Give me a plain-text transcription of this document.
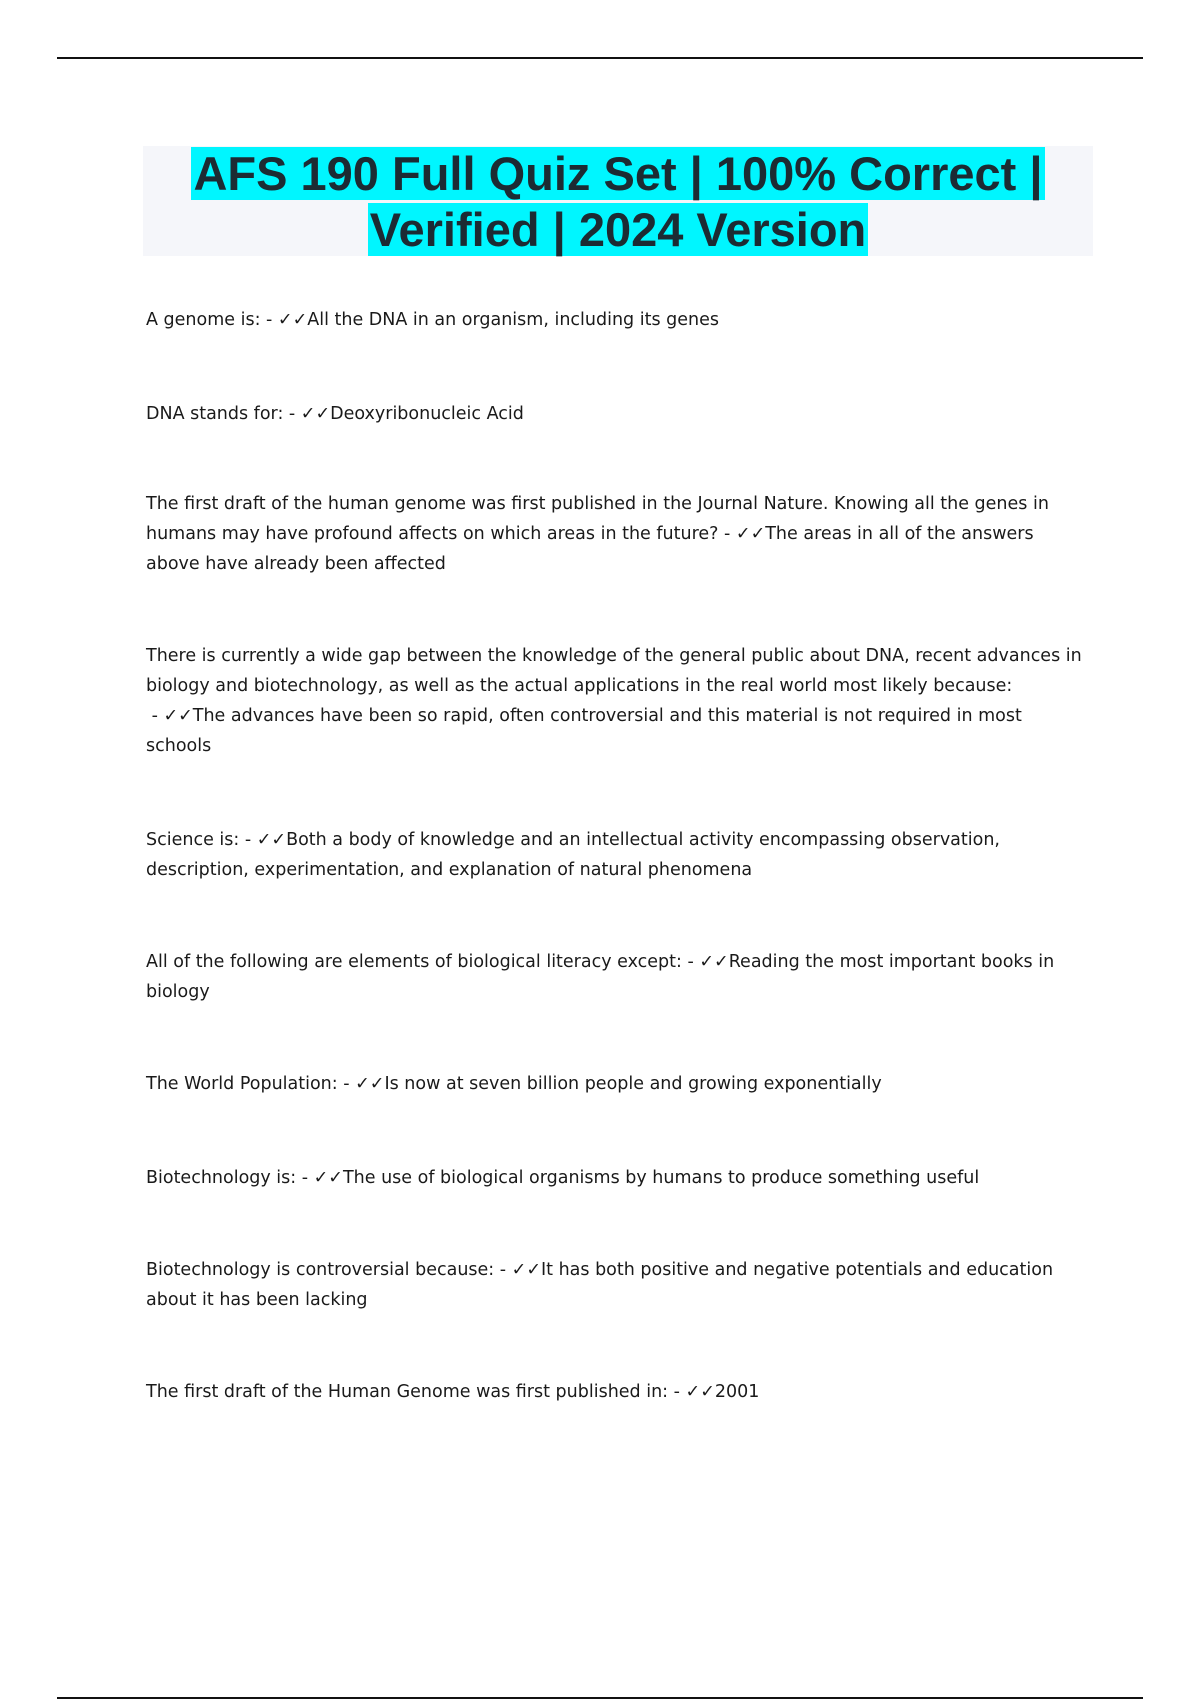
AFS 190 Full Quiz Set | 100% Correct |
Verified | 2024 Version
A genome is: - ✓✓All the DNA in an organism, including its genes
DNA stands for: - ✓✓Deoxyribonucleic Acid
The first draft of the human genome was first published in the Journal Nature. Knowing all the genes in humans may have profound affects on which areas in the future? - ✓✓The areas in all of the answers above have already been affected
There is currently a wide gap between the knowledge of the general public about DNA, recent advances in biology and biotechnology, as well as the actual applications in the real world most likely because: - ✓✓The advances have been so rapid, often controversial and this material is not required in most schools
Science is: - ✓✓Both a body of knowledge and an intellectual activity encompassing observation, description, experimentation, and explanation of natural phenomena
All of the following are elements of biological literacy except: - ✓✓Reading the most important books in biology
The World Population: - ✓✓Is now at seven billion people and growing exponentially
Biotechnology is: - ✓✓The use of biological organisms by humans to produce something useful
Biotechnology is controversial because: - ✓✓It has both positive and negative potentials and education about it has been lacking
The first draft of the Human Genome was first published in: - ✓✓2001
